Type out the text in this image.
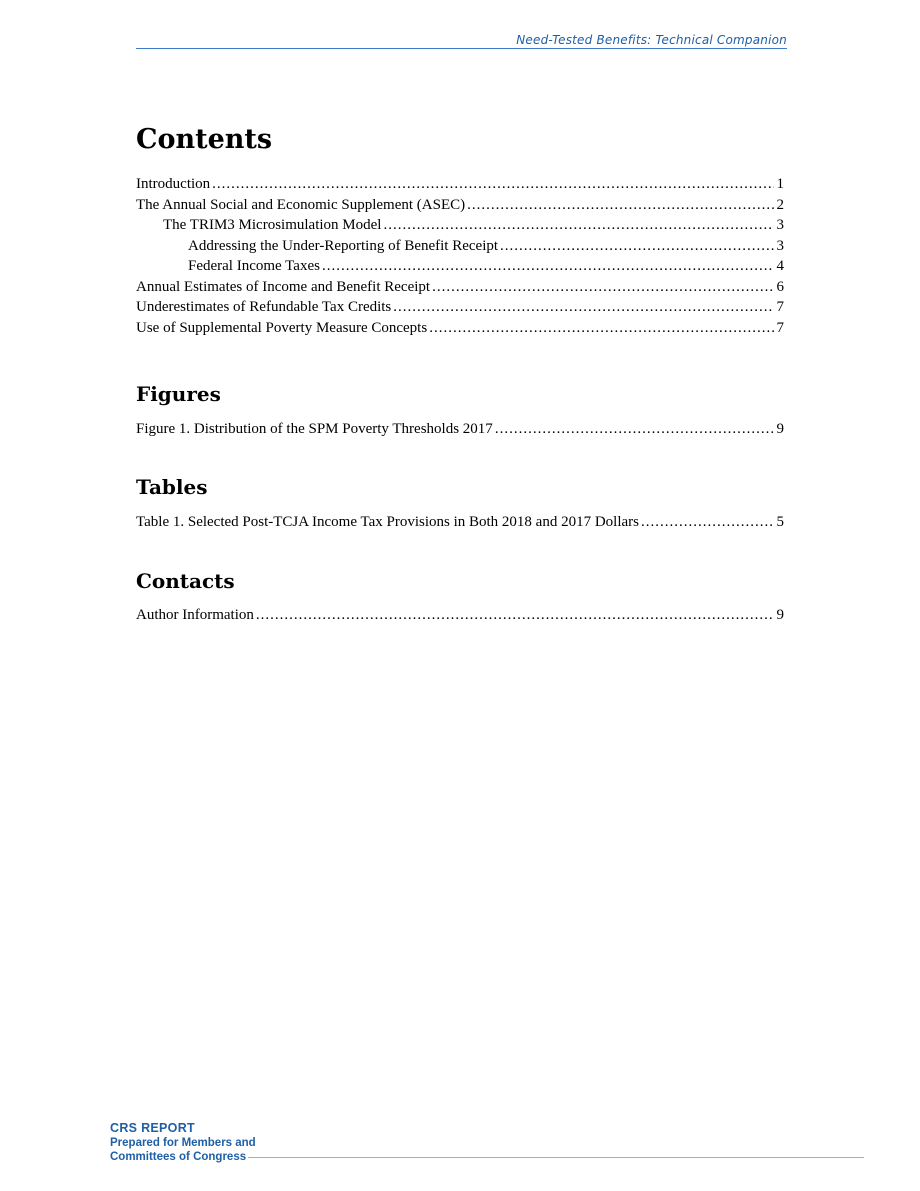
Need-Tested Benefits: Technical Companion
Contents
Introduction .....	1
The Annual Social and Economic Supplement (ASEC) .....	2
The TRIM3 Microsimulation Model .....	3
Addressing the Under-Reporting of Benefit Receipt .....	3
Federal Income Taxes .....	4
Annual Estimates of Income and Benefit Receipt .....	6
Underestimates of Refundable Tax Credits .....	7
Use of Supplemental Poverty Measure Concepts .....	7
Figures
Figure 1. Distribution of the SPM Poverty Thresholds 2017 .....	9
Tables
Table 1. Selected Post-TCJA Income Tax Provisions in Both 2018 and 2017 Dollars .....	5
Contacts
Author Information .....	9
CRS REPORT
Prepared for Members and
Committees of Congress
